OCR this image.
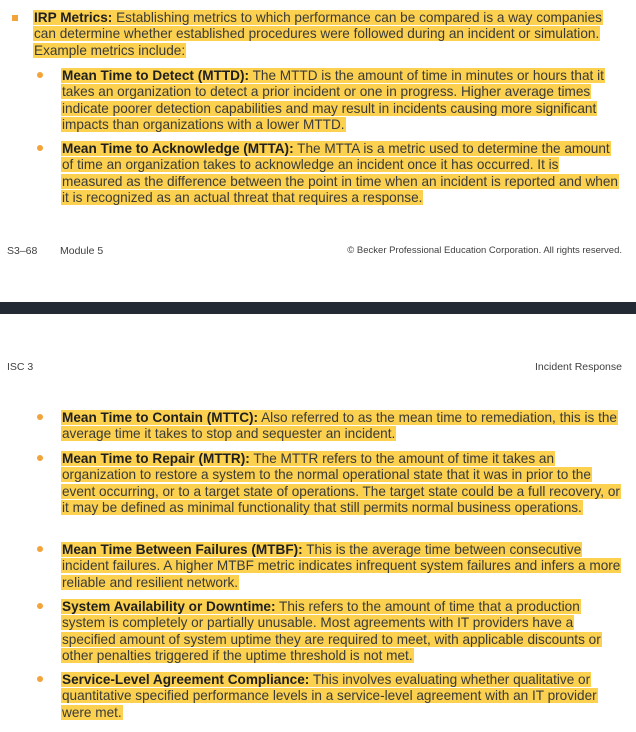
IRP Metrics: Establishing metrics to which performance can be compared is a way companies can determine whether established procedures were followed during an incident or simulation. Example metrics include:
Mean Time to Detect (MTTD): The MTTD is the amount of time in minutes or hours that it takes an organization to detect a prior incident or one in progress. Higher average times indicate poorer detection capabilities and may result in incidents causing more significant impacts than organizations with a lower MTTD.
Mean Time to Acknowledge (MTTA): The MTTA is a metric used to determine the amount of time an organization takes to acknowledge an incident once it has occurred. It is measured as the difference between the point in time when an incident is reported and when it is recognized as an actual threat that requires a response.
S3–68 Module 5	© Becker Professional Education Corporation. All rights reserved.
ISC 3	Incident Response
Mean Time to Contain (MTTC): Also referred to as the mean time to remediation, this is the average time it takes to stop and sequester an incident.
Mean Time to Repair (MTTR): The MTTR refers to the amount of time it takes an organization to restore a system to the normal operational state that it was in prior to the event occurring, or to a target state of operations. The target state could be a full recovery, or it may be defined as minimal functionality that still permits normal business operations.
Mean Time Between Failures (MTBF): This is the average time between consecutive incident failures. A higher MTBF metric indicates infrequent system failures and infers a more reliable and resilient network.
System Availability or Downtime: This refers to the amount of time that a production system is completely or partially unusable. Most agreements with IT providers have a specified amount of system uptime they are required to meet, with applicable discounts or other penalties triggered if the uptime threshold is not met.
Service-Level Agreement Compliance: This involves evaluating whether qualitative or quantitative specified performance levels in a service-level agreement with an IT provider were met.
